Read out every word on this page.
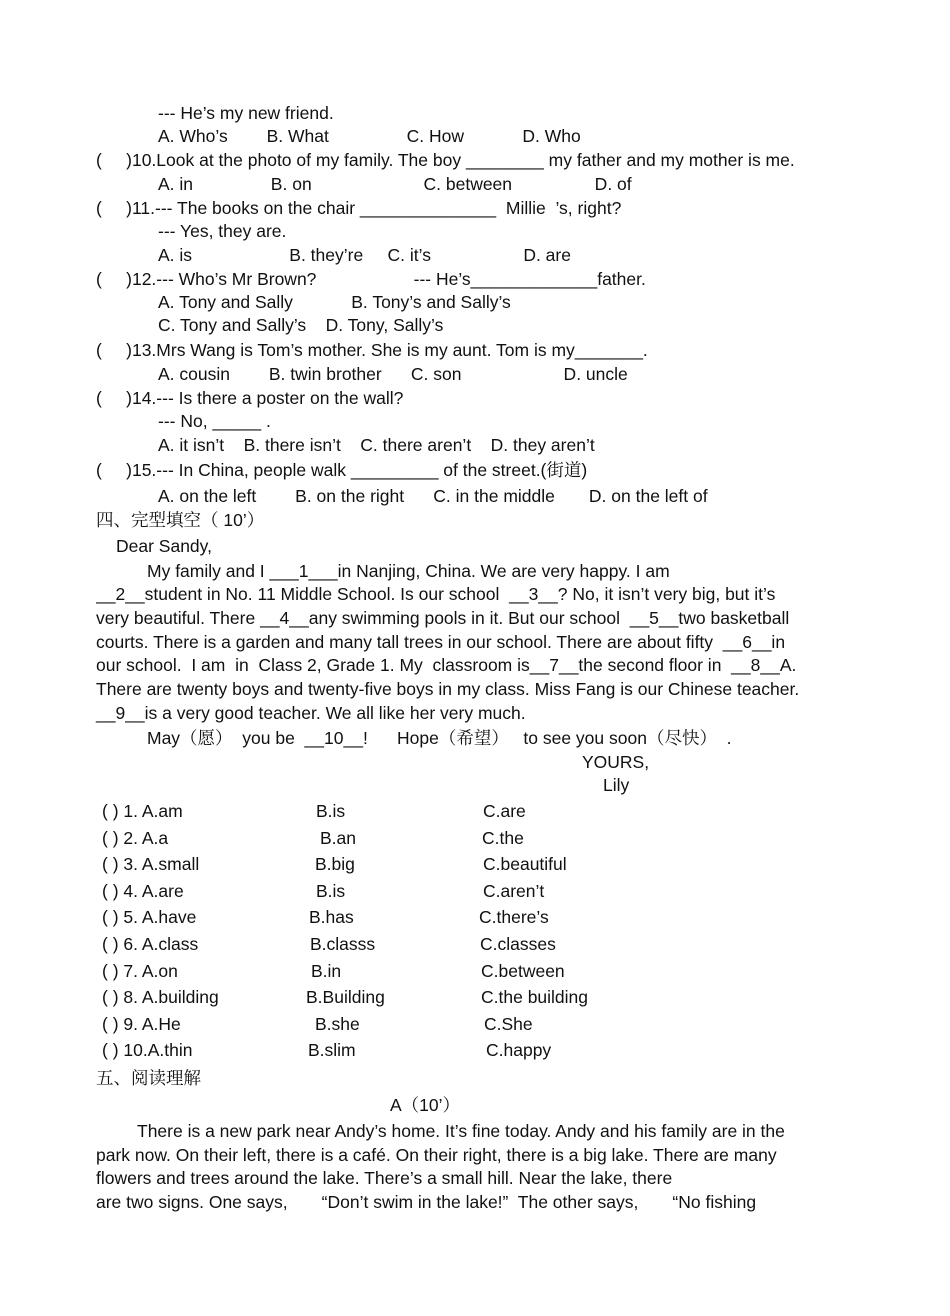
--- He’s my new friend.
A. Who’s        B. What                C. How            D. Who
(     )10.Look at the photo of my family. The boy ________ my father and my mother is me.
A. in                B. on                       C. between                 D. of
(     )11.--- The books on the chair ______________  Millie  ’s, right?
--- Yes, they are.
A. is                    B. they’re     C. it’s                   D. are
(     )12.--- Who’s Mr Brown?                    --- He’s_____________father.
A. Tony and Sally            B. Tony’s and Sally’s
C. Tony and Sally’s    D. Tony, Sally’s
(     )13.Mrs Wang is Tom’s mother. She is my aunt. Tom is my_______.
A. cousin        B. twin brother      C. son                     D. uncle
(     )14.--- Is there a poster on the wall?
--- No, _____ .
A. it isn’t    B. there isn’t    C. there aren’t    D. they aren’t
(     )15.--- In China, people walk _________ of the street.(街道)
A. on the left        B. on the right      C. in the middle       D. on the left of
四、完型填空（ 10’）
Dear Sandy,
My family and I ___1___in Nanjing, China. We are very happy. I am
__2__student in No. 11 Middle School. Is our school  __3__? No, it isn’t very big, but it’s
very beautiful. There __4__any swimming pools in it. But our school  __5__two basketball
courts. There is a garden and many tall trees in our school. There are about fifty  __6__in
our school.  I am  in  Class 2, Grade 1. My  classroom is__7__the second floor in  __8__A.
There are twenty boys and twenty-five boys in my class. Miss Fang is our Chinese teacher.
__9__is a very good teacher. We all like her very much.
May（愿）  you be  __10__!      Hope（希望）   to see you soon（尽快）  .
YOURS,
Lily
( ) 1. A.am	B.is	C.are
( ) 2. A.a	B.an	C.the
( ) 3. A.small	B.big	C.beautiful
( ) 4. A.are	B.is	C.aren’t
( ) 5. A.have	B.has	C.there’s
( ) 6. A.class	B.classs	C.classes
( ) 7. A.on	B.in	C.between
( ) 8. A.building	B.Building	C.the building
( ) 9. A.He	B.she	C.She
( ) 10.A.thin	B.slim	C.happy
五、阅读理解
A（10’）
There is a new park near Andy’s home. It’s fine today. Andy and his family are in the
park now. On their left, there is a café. On their right, there is a big lake. There are many
flowers and trees around the lake. There’s a small hill. Near the lake, there
are two signs. One says,       “Don’t swim in the lake!”  The other says,       “No fishing
